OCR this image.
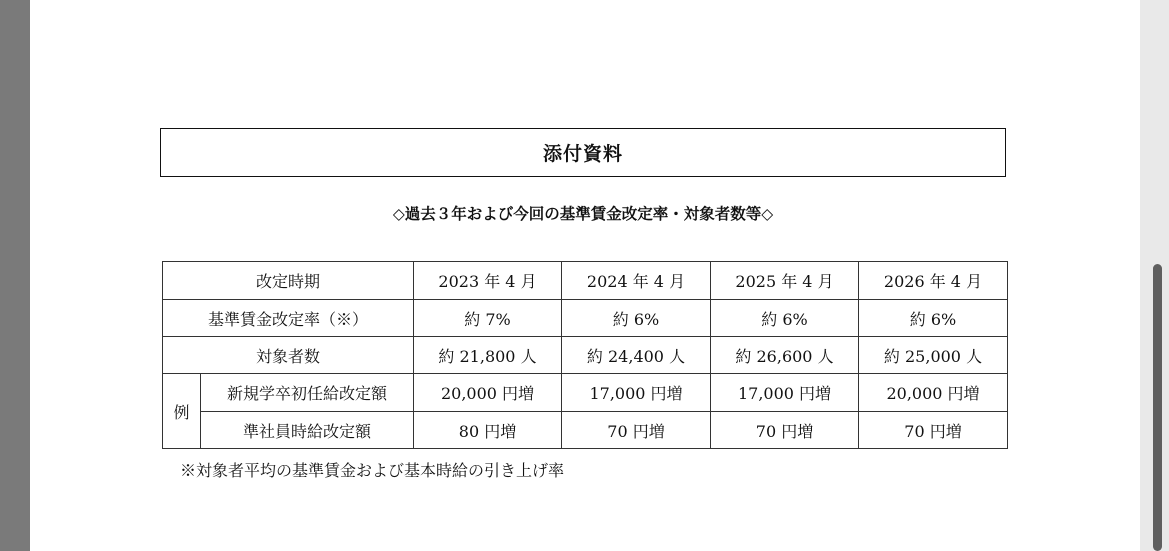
添付資料
◇過去３年および今回の基準賃金改定率・対象者数等◇
改定時期		2023 年 4 月	2024 年 4 月	2025 年 4 月	2026 年 4 月
基準賃金改定率（※）		約 7%	約 6%	約 6%	約 6%
対象者数		約 21,800 人	約 24,400 人	約 26,600 人	約 25,000 人
例	新規学卒初任給改定額	20,000 円増	17,000 円増	17,000 円増	20,000 円増
	準社員時給改定額	80 円増	70 円増	70 円増	70 円増
※対象者平均の基準賃金および基本時給の引き上げ率
